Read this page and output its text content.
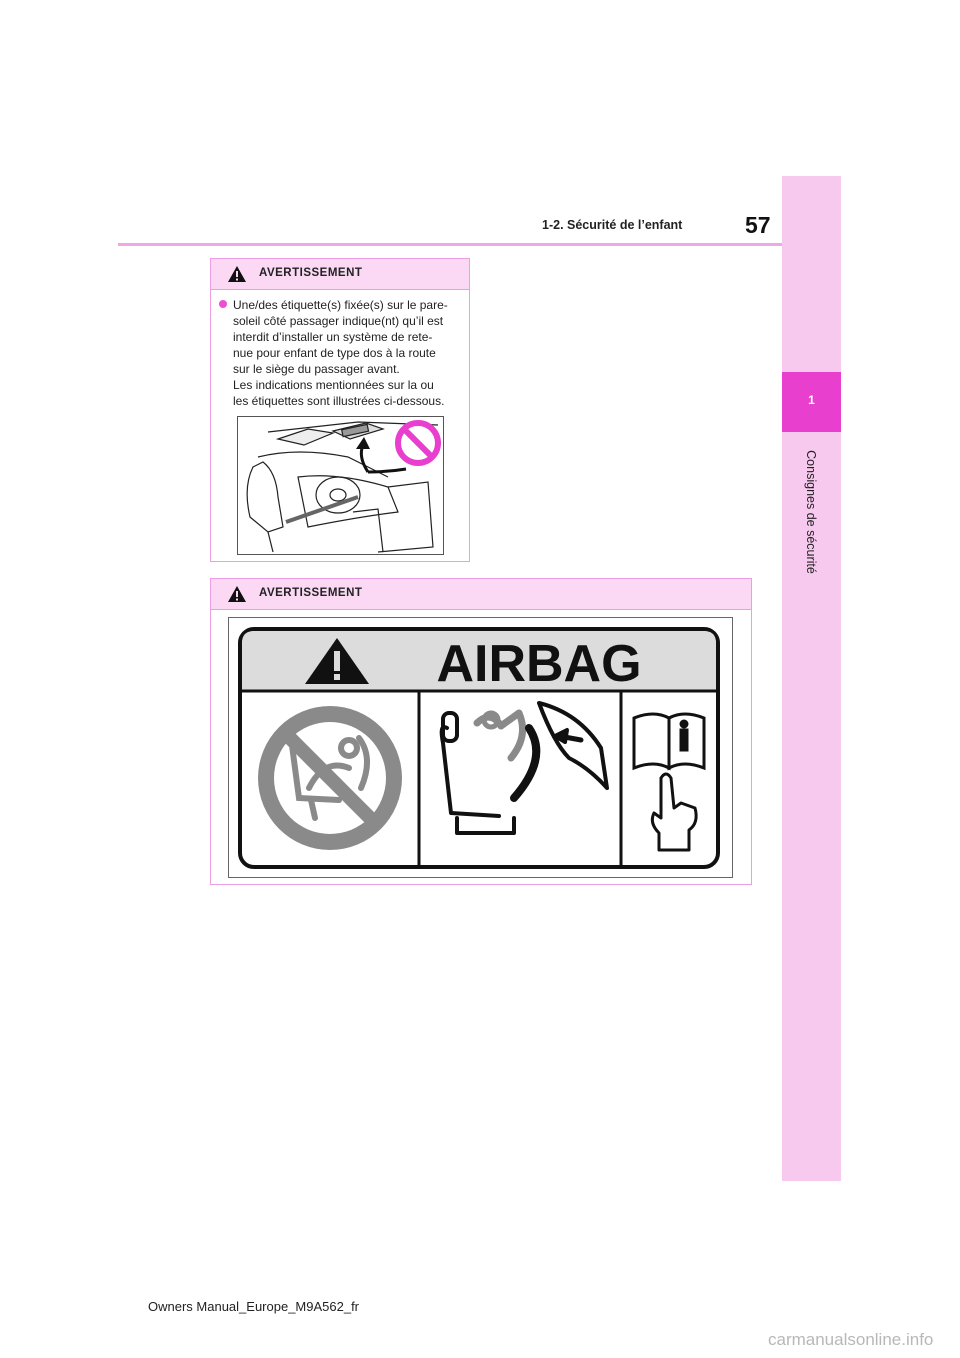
1-2. Sécurité de l’enfant	57
1
Consignes de sécurité
AVERTISSEMENT
Une/des étiquette(s) fixée(s) sur le pare-
soleil côté passager indique(nt) qu’il est
interdit d’installer un système de rete-
nue pour enfant de type dos à la route
sur le siège du passager avant.
Les indications mentionnées sur la ou
les étiquettes sont illustrées ci-dessous.
AVERTISSEMENT
AIRBAG
Owners Manual_Europe_M9A562_fr
carmanualsonline.info
